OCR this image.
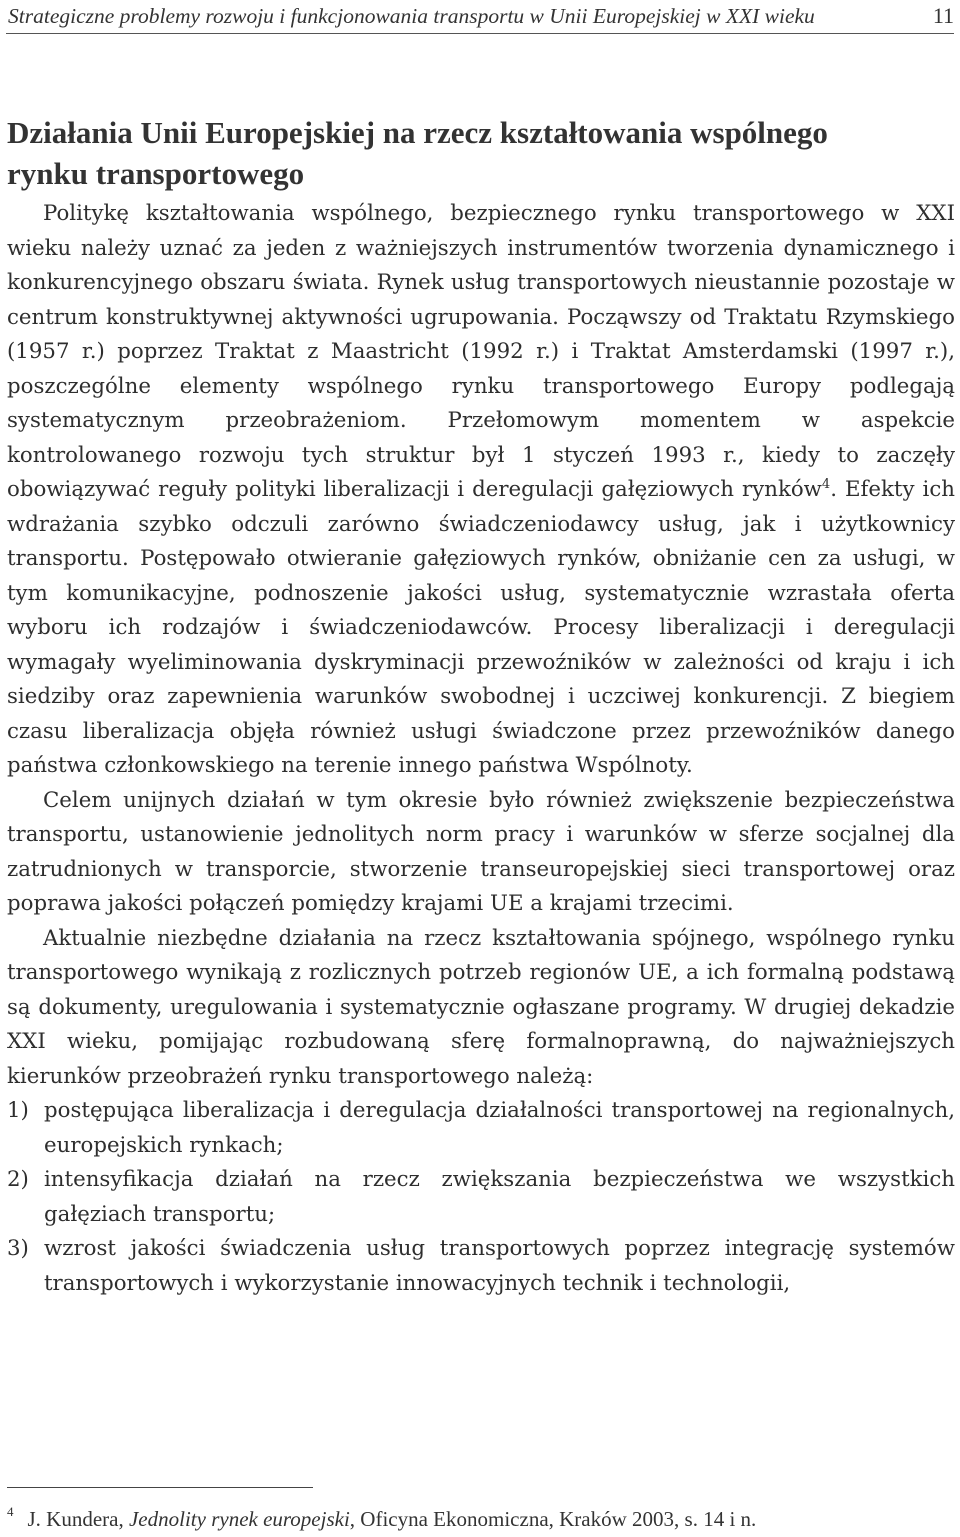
Strategiczne problemy rozwoju i funkcjonowania transportu w Unii Europejskiej w XXI wieku	11
Działania Unii Europejskiej na rzecz kształtowania wspólnego rynku transportowego

Politykę kształtowania wspólnego, bezpiecznego rynku transportowego w XXI wieku należy uznać za jeden z ważniejszych instrumentów tworzenia dynamicznego i konkurencyjnego obszaru świata. Rynek usług transportowych nieustannie pozostaje w centrum konstruktywnej aktywności ugrupowania. Począwszy od Traktatu Rzymskiego (1957 r.) poprzez Traktat z Maastricht (1992 r.) i Traktat Amsterdamski (1997 r.), poszczególne elementy wspólnego rynku transportowego Europy podlegają systematycznym przeobrażeniom. Przełomowym momentem w aspekcie kontrolowanego rozwoju tych struktur był 1 styczeń 1993 r., kiedy to zaczęły obowiązywać reguły polityki liberalizacji i deregulacji gałęziowych rynków$^4$. Efekty ich wdrażania szybko odczuli zarówno świadczeniodawcy usług, jak i użytkownicy transportu. Postępowało otwieranie gałęziowych rynków, obniżanie cen za usługi, w tym komunikacyjne, podnoszenie jakości usług, systematycznie wzrastała oferta wyboru ich rodzajów i świadczeniodawców. Procesy liberalizacji i deregulacji wymagały wyeliminowania dyskryminacji przewoźników w zależności od kraju i ich siedziby oraz zapewnienia warunków swobodnej i uczciwej konkurencji. Z biegiem czasu liberalizacja objęła również usługi świadczone przez przewoźników danego państwa członkowskiego na terenie innego państwa Wspólnoty.

Celem unijnych działań w tym okresie było również zwiększenie bezpieczeństwa transportu, ustanowienie jednolitych norm pracy i warunków w sferze socjalnej dla zatrudnionych w transporcie, stworzenie transeuropejskiej sieci transportowej oraz poprawa jakości połączeń pomiędzy krajami UE a krajami trzecimi.

Aktualnie niezbędne działania na rzecz kształtowania spójnego, wspólnego rynku transportowego wynikają z rozlicznych potrzeb regionów UE, a ich formalną podstawą są dokumenty, uregulowania i systematycznie ogłaszane programy. W drugiej dekadzie XXI wieku, pomijając rozbudowaną sferę formalnoprawną, do najważniejszych kierunków przeobrażeń rynku transportowego należą:

1) postępująca liberalizacja i deregulacja działalności transportowej na regionalnych, europejskich rynkach;
2) intensyfikacja działań na rzecz zwiększania bezpieczeństwa we wszystkich gałęziach transportu;
3) wzrost jakości świadczenia usług transportowych poprzez integrację systemów transportowych i wykorzystanie innowacyjnych technik i technologii,
$^4$ J. Kundera, Jednolity rynek europejski, Oficyna Ekonomiczna, Kraków 2003, s. 14 i n.
